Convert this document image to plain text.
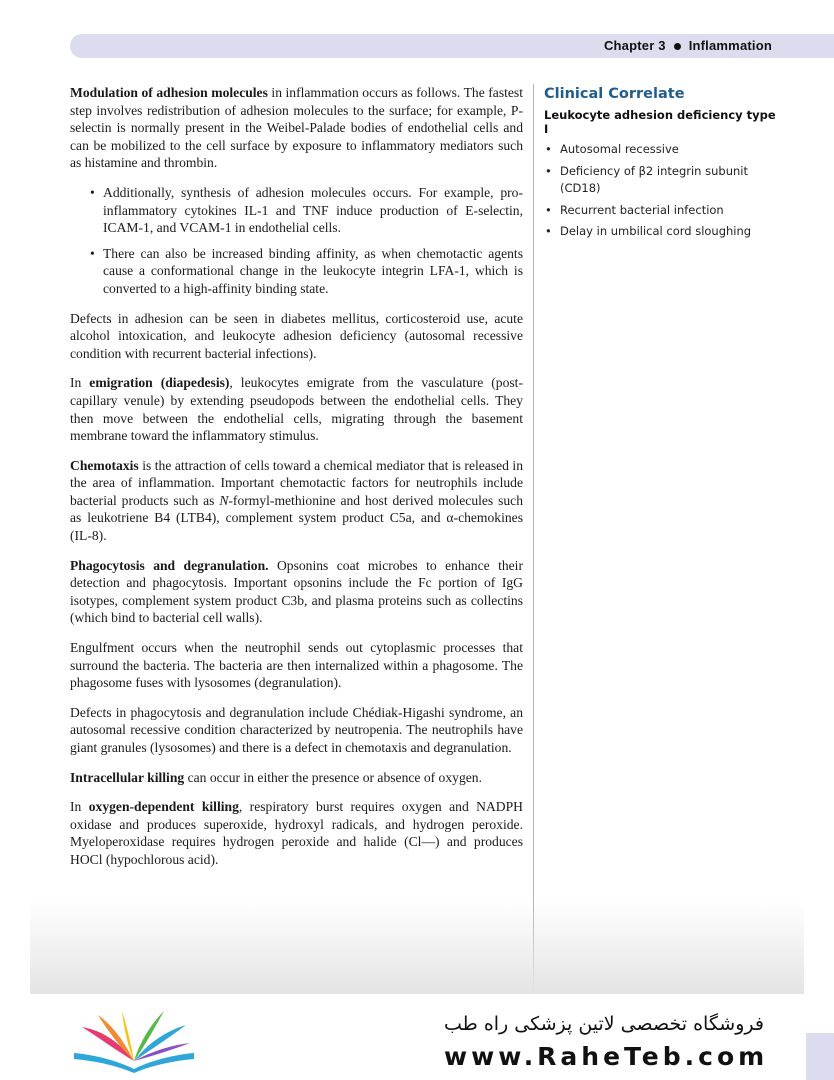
Chapter 3 Inflammation

Modulation of adhesion molecules in inflammation occurs as follows. The fastest step involves redistribution of adhesion molecules to the surface; for example, P-selectin is normally present in the Weibel-Palade bodies of endothelial cells and can be mobilized to the cell surface by exposure to inflammatory mediators such as histamine and thrombin.

• Additionally, synthesis of adhesion molecules occurs. For example, pro-inflammatory cytokines IL-1 and TNF induce production of E-selectin, ICAM-1, and VCAM-1 in endothelial cells.
• There can also be increased binding affinity, as when chemotactic agents cause a conformational change in the leukocyte integrin LFA-1, which is converted to a high-affinity binding state.

Defects in adhesion can be seen in diabetes mellitus, corticosteroid use, acute alcohol intoxication, and leukocyte adhesion deficiency (autosomal recessive condition with recurrent bacterial infections).

In emigration (diapedesis), leukocytes emigrate from the vasculature (post-capillary venule) by extending pseudopods between the endothelial cells. They then move between the endothelial cells, migrating through the basement membrane toward the inflammatory stimulus.

Chemotaxis is the attraction of cells toward a chemical mediator that is released in the area of inflammation. Important chemotactic factors for neutrophils include bacterial products such as N-formyl-methionine and host derived molecules such as leukotriene B4 (LTB4), complement system product C5a, and α-chemokines (IL-8).

Phagocytosis and degranulation. Opsonins coat microbes to enhance their detection and phagocytosis. Important opsonins include the Fc portion of IgG isotypes, complement system product C3b, and plasma proteins such as collectins (which bind to bacterial cell walls).

Engulfment occurs when the neutrophil sends out cytoplasmic processes that surround the bacteria. The bacteria are then internalized within a phagosome. The phagosome fuses with lysosomes (degranulation).

Defects in phagocytosis and degranulation include Chédiak-Higashi syndrome, an autosomal recessive condition characterized by neutropenia. The neutrophils have giant granules (lysosomes) and there is a defect in chemotaxis and degranulation.

Intracellular killing can occur in either the presence or absence of oxygen.

In oxygen-dependent killing, respiratory burst requires oxygen and NADPH oxidase and produces superoxide, hydroxyl radicals, and hydrogen peroxide. Myeloperoxidase requires hydrogen peroxide and halide (Cl—) and produces HOCl (hypochlorous acid).

Clinical Correlate
Leukocyte adhesion deficiency type I
• Autosomal recessive
• Deficiency of β2 integrin subunit (CD18)
• Recurrent bacterial infection
• Delay in umbilical cord sloughing
فروشگاه تخصصی لاتین پزشکی راه طب
www.RaheTeb.com
